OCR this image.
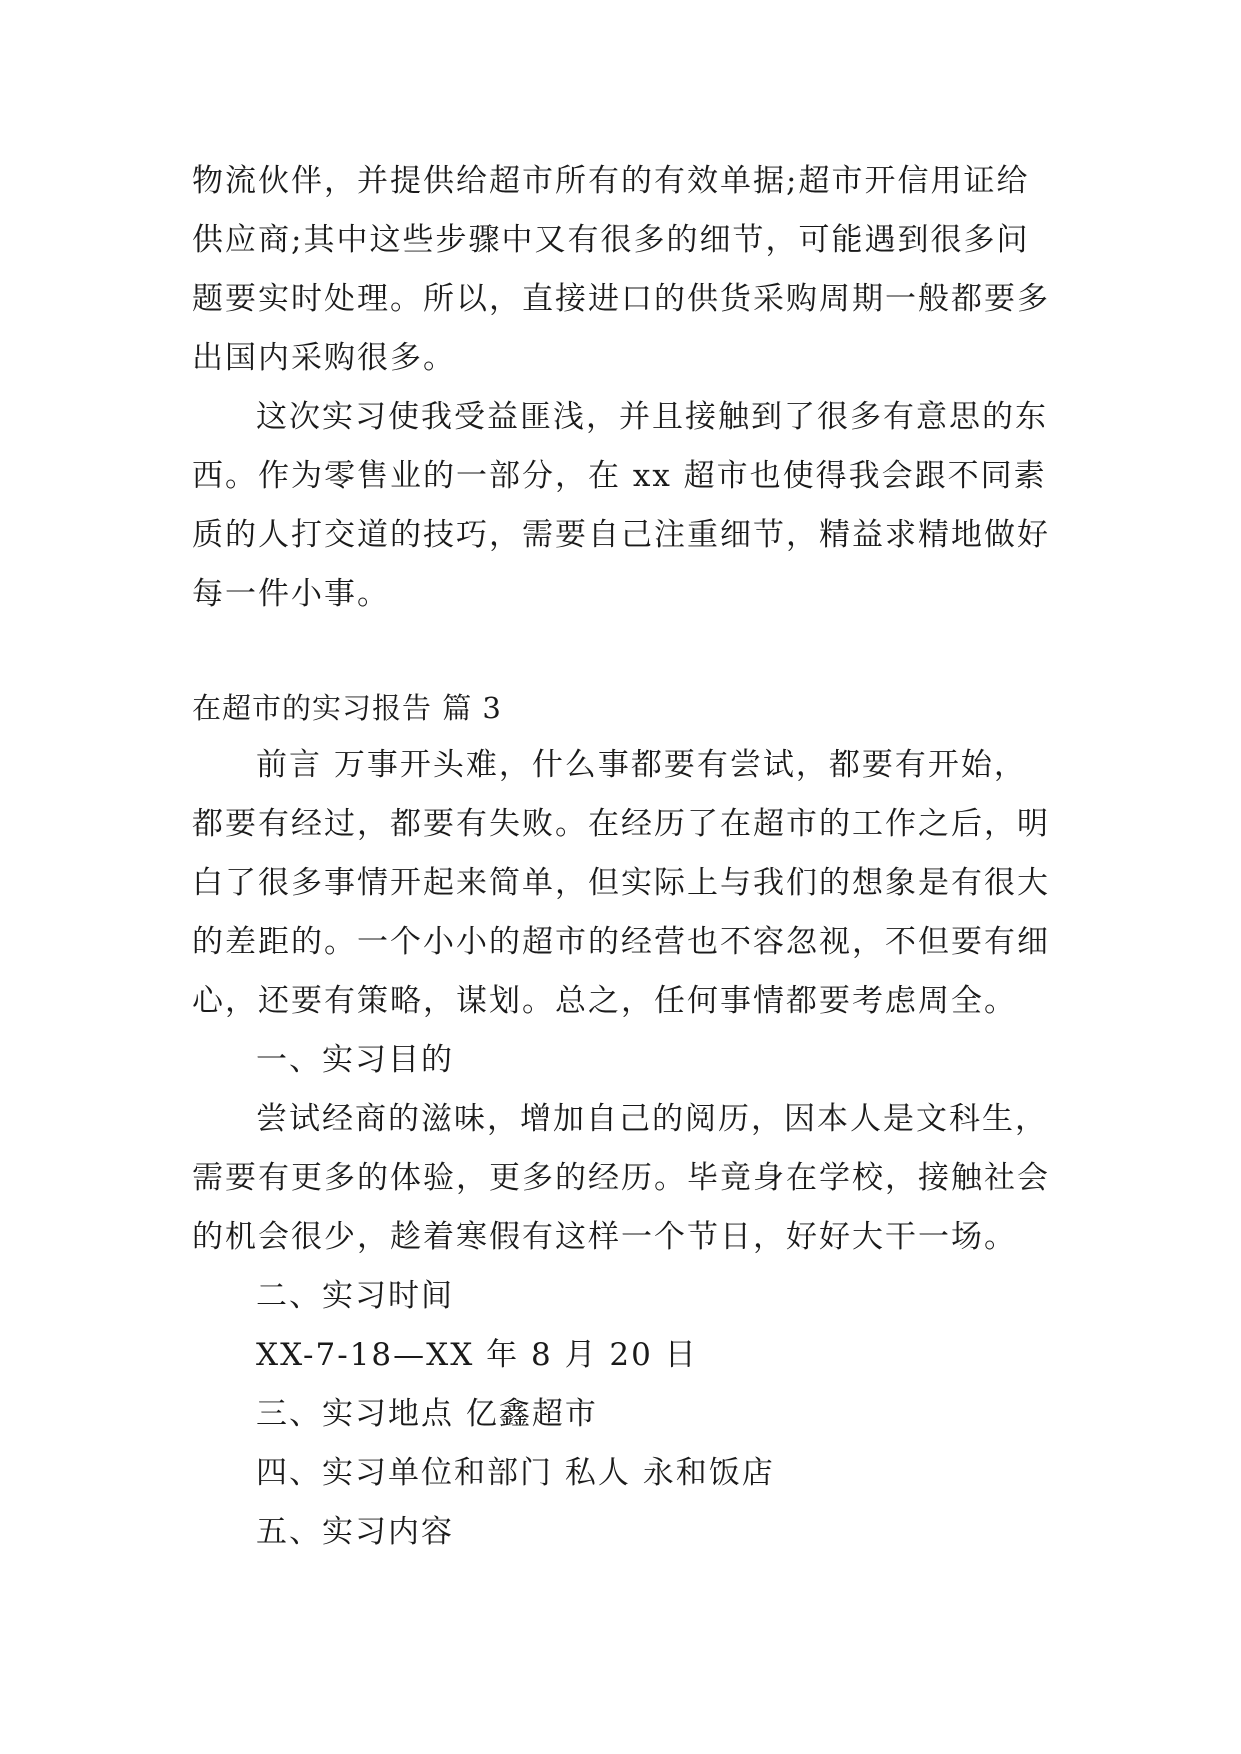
物流伙伴，并提供给超市所有的有效单据;超市开信用证给
供应商;其中这些步骤中又有很多的细节，可能遇到很多问
题要实时处理。所以，直接进口的供货采购周期一般都要多
出国内采购很多。
这次实习使我受益匪浅，并且接触到了很多有意思的东
西。作为零售业的一部分，在 xx 超市也使得我会跟不同素
质的人打交道的技巧，需要自己注重细节，精益求精地做好
每一件小事。
在超市的实习报告 篇 3
前言 万事开头难，什么事都要有尝试，都要有开始，
都要有经过，都要有失败。在经历了在超市的工作之后，明
白了很多事情开起来简单，但实际上与我们的想象是有很大
的差距的。一个小小的超市的经营也不容忽视，不但要有细
心，还要有策略，谋划。总之，任何事情都要考虑周全。
一、实习目的
尝试经商的滋味，增加自己的阅历，因本人是文科生，
需要有更多的体验，更多的经历。毕竟身在学校，接触社会
的机会很少，趁着寒假有这样一个节日，好好大干一场。
二、实习时间
XX-7-18—XX 年 8 月 20 日
三、实习地点 亿鑫超市
四、实习单位和部门 私人 永和饭店
五、实习内容
